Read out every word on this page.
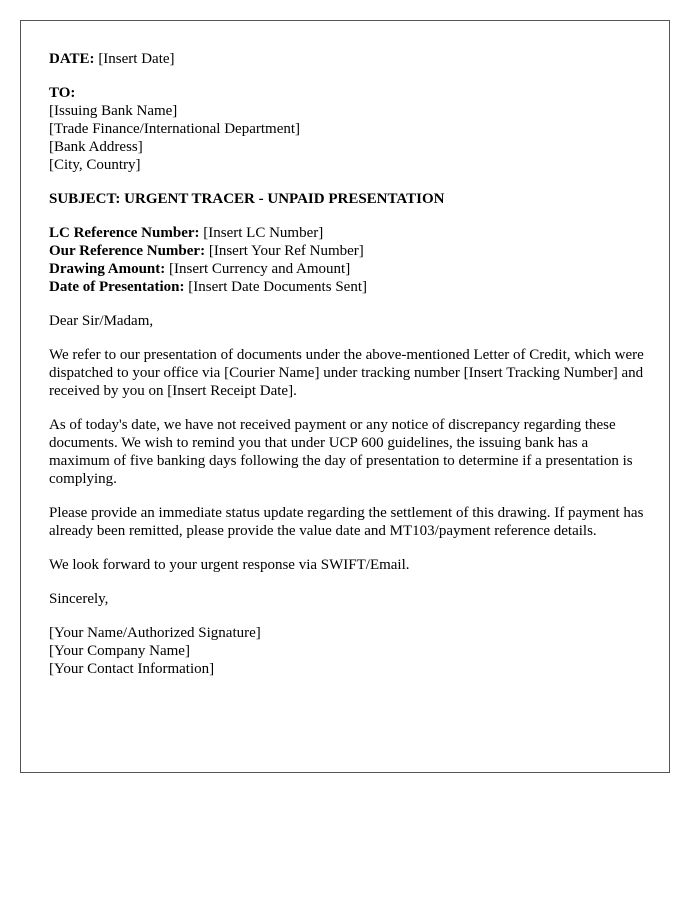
DATE: [Insert Date]
TO:
[Issuing Bank Name]
[Trade Finance/International Department]
[Bank Address]
[City, Country]
SUBJECT: URGENT TRACER - UNPAID PRESENTATION
LC Reference Number: [Insert LC Number]
Our Reference Number: [Insert Your Ref Number]
Drawing Amount: [Insert Currency and Amount]
Date of Presentation: [Insert Date Documents Sent]

Dear Sir/Madam,

We refer to our presentation of documents under the above-mentioned Letter of Credit, which were dispatched to your office via [Courier Name] under tracking number [Insert Tracking Number] and received by you on [Insert Receipt Date].

As of today's date, we have not received payment or any notice of discrepancy regarding these documents. We wish to remind you that under UCP 600 guidelines, the issuing bank has a maximum of five banking days following the day of presentation to determine if a presentation is complying.

Please provide an immediate status update regarding the settlement of this drawing. If payment has already been remitted, please provide the value date and MT103/payment reference details.

We look forward to your urgent response via SWIFT/Email.

Sincerely,

[Your Name/Authorized Signature]
[Your Company Name]
[Your Contact Information]
